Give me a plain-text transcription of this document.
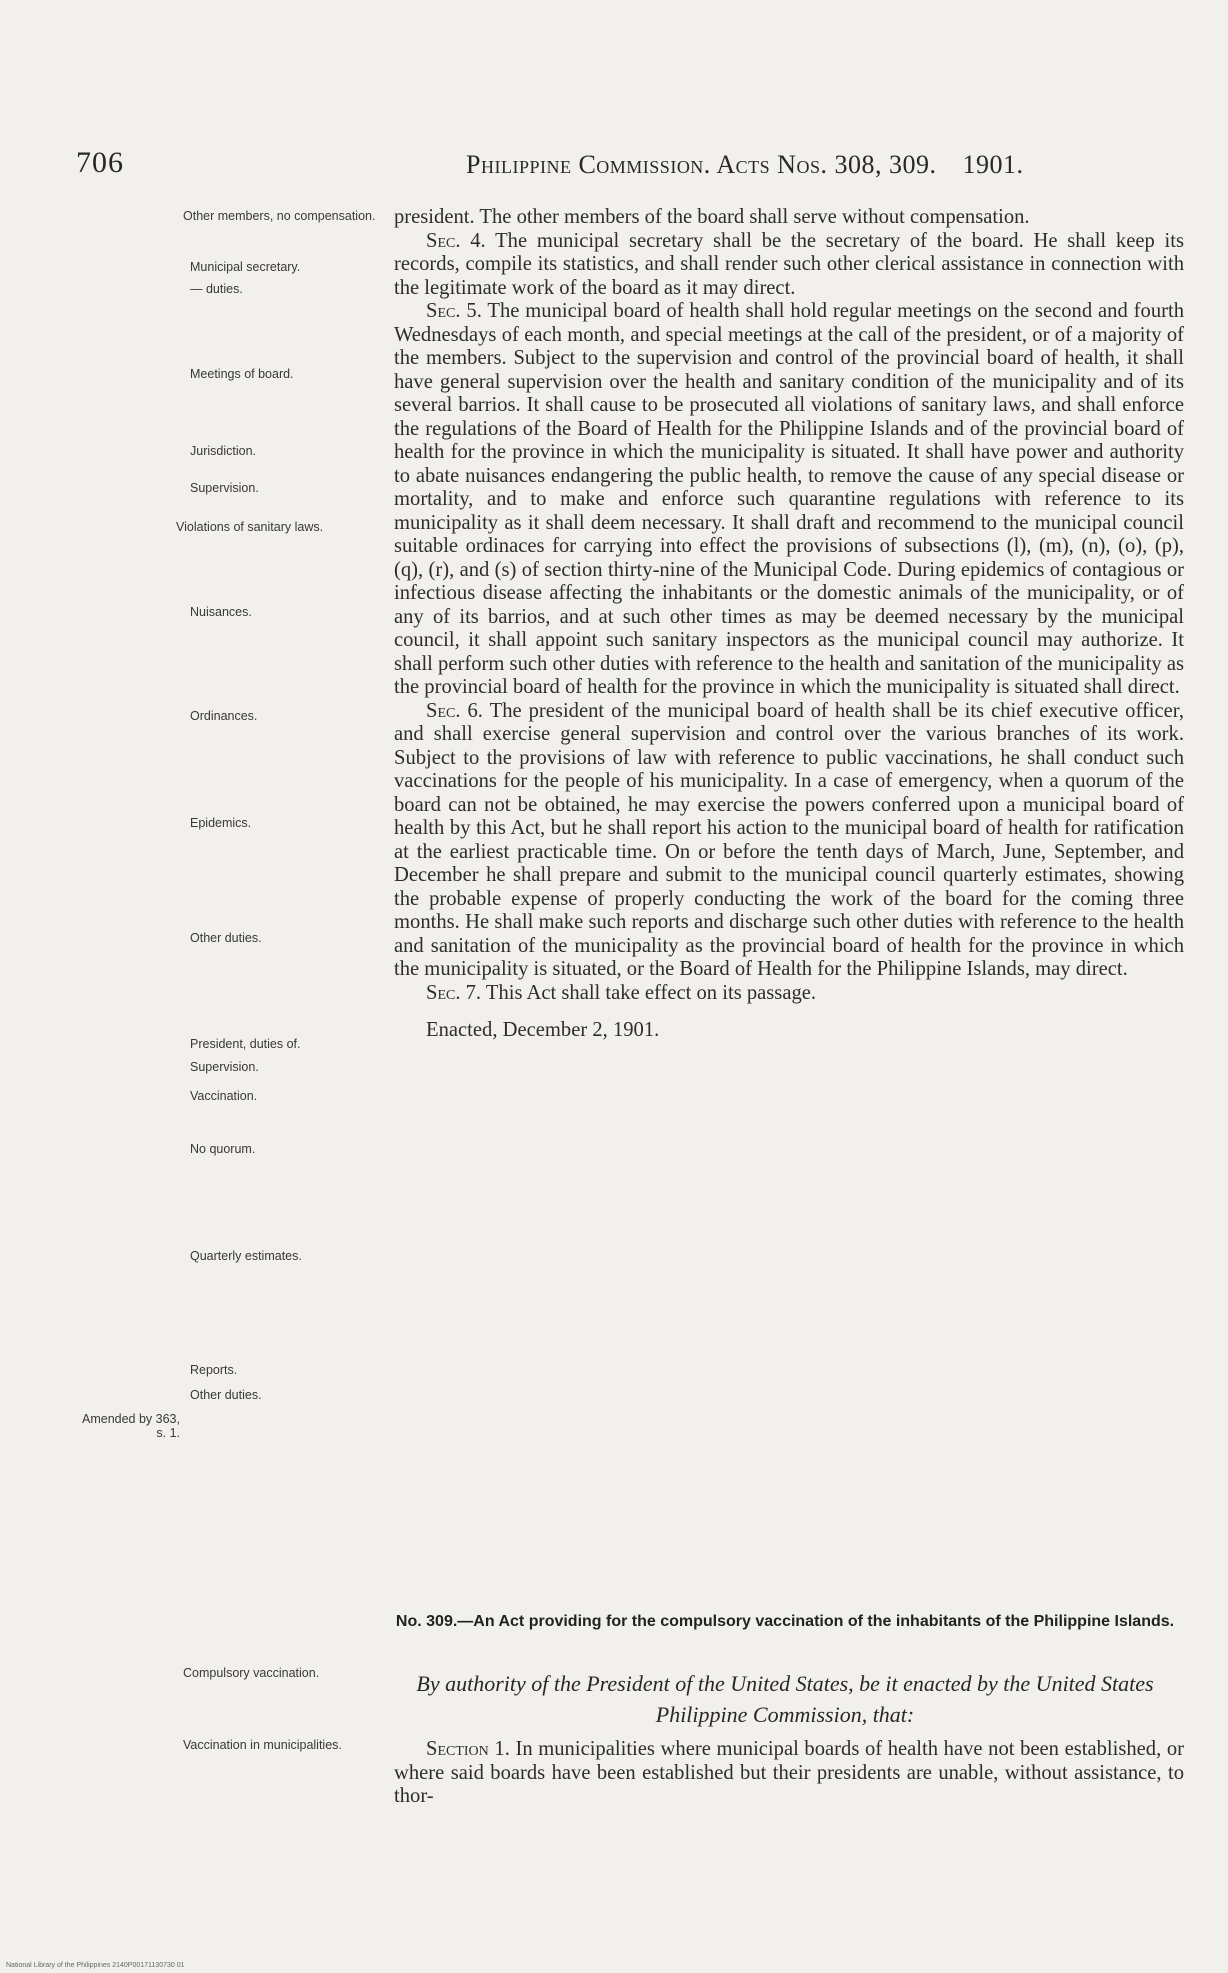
706	Philippine Commission. Acts Nos. 308, 309. 1901.
Other members, no compensation.
Municipal secretary.
— duties.
Meetings of board.
Jurisdiction.
Supervision.
Violations of sanitary laws.
Nuisances.
Ordinances.
Epidemics.
Other duties.
President, duties of.
Supervision.
Vaccination.
No quorum.
Quarterly estimates.
Reports.
Other duties.
Amended by 363, s. 1.
Compulsory vaccination.
Vaccination in municipalities.

president. The other members of the board shall serve without compensation.

Sec. 4. The municipal secretary shall be the secretary of the board. He shall keep its records, compile its statistics, and shall render such other clerical assistance in connection with the legitimate work of the board as it may direct.

Sec. 5. The municipal board of health shall hold regular meetings on the second and fourth Wednesdays of each month, and special meetings at the call of the president, or of a majority of the members. Subject to the supervision and control of the provincial board of health, it shall have general supervision over the health and sanitary condition of the municipality and of its several barrios. It shall cause to be prosecuted all violations of sanitary laws, and shall enforce the regulations of the Board of Health for the Philippine Islands and of the provincial board of health for the province in which the municipality is situated. It shall have power and authority to abate nuisances endangering the public health, to remove the cause of any special disease or mortality, and to make and enforce such quarantine regulations with reference to its municipality as it shall deem necessary. It shall draft and recommend to the municipal council suitable ordinaces for carrying into effect the provisions of subsections (l), (m), (n), (o), (p), (q), (r), and (s) of section thirty-nine of the Municipal Code. During epidemics of contagious or infectious disease affecting the inhabitants or the domestic animals of the municipality, or of any of its barrios, and at such other times as may be deemed necessary by the municipal council, it shall appoint such sanitary inspectors as the municipal council may authorize. It shall perform such other duties with reference to the health and sanitation of the municipality as the provincial board of health for the province in which the municipality is situated shall direct.

Sec. 6. The president of the municipal board of health shall be its chief executive officer, and shall exercise general supervision and control over the various branches of its work. Subject to the provisions of law with reference to public vaccinations, he shall conduct such vaccinations for the people of his municipality. In a case of emergency, when a quorum of the board can not be obtained, he may exercise the powers conferred upon a municipal board of health by this Act, but he shall report his action to the municipal board of health for ratification at the earliest practicable time. On or before the tenth days of March, June, September, and December he shall prepare and submit to the municipal council quarterly estimates, showing the probable expense of properly conducting the work of the board for the coming three months. He shall make such reports and discharge such other duties with reference to the health and sanitation of the municipality as the provincial board of health for the province in which the municipality is situated, or the Board of Health for the Philippine Islands, may direct.

Sec. 7. This Act shall take effect on its passage.

Enacted, December 2, 1901.

No. 309.—An Act providing for the compulsory vaccination of the inhabitants of the Philippine Islands.
By authority of the President of the United States, be it enacted by the United States Philippine Commission, that:

Section 1. In municipalities where municipal boards of health have not been established, or where said boards have been established but their presidents are unable, without assistance, to thor-

National Library of the Philippines 2140P00171130730 01
